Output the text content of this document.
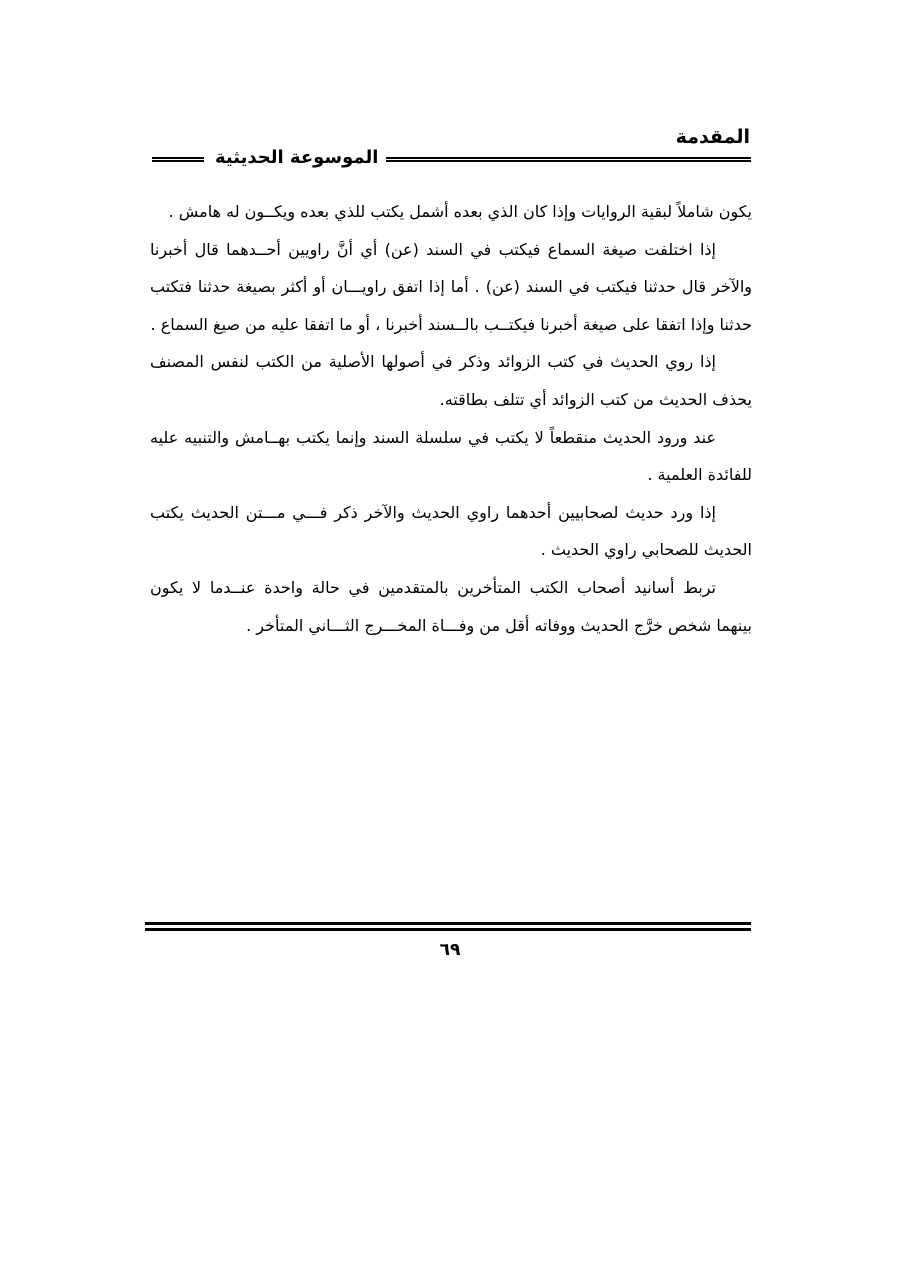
المقدمة
الموسوعة الحديثية

يكون شاملاً لبقية الروايات وإذا كان الذي بعده أشمل يكتب للذي بعده ويكــون له هامش .

إذا اختلفت صيغة السماع فيكتب في السند (عن) أي أنَّ راويين أحــدهما قال أخبرنا والآخر قال حدثنا فيكتب في السند (عن) . أما إذا اتفق راويـــان أو أكثر بصيغة حدثنا فتكتب حدثنا وإذا اتفقا على صيغة أخبرنا فيكتــب بالــسند أخبرنا ، أو ما اتفقا عليه من صيغ السماع .

إذا روي الحديث في كتب الزوائد وذكر في أصولها الأصلية من الكتب لنفس المصنف يحذف الحديث من كتب الزوائد أي تتلف بطاقته.

عند ورود الحديث منقطعاً لا يكتب في سلسلة السند وإنما يكتب بهــامش والتنبيه عليه للفائدة العلمية .

إذا ورد حديث لصحابيين أحدهما راوي الحديث والآخر ذكر فـــي مـــتن الحديث يكتب الحديث للصحابي راوي الحديث .

تربط أسانيد أصحاب الكتب المتأخرين بالمتقدمين في حالة واحدة عنــدما لا يكون بينهما شخص خرَّج الحديث ووفاته أقل من وفـــاة المخـــرج الثـــاني المتأخر .

٦٩
